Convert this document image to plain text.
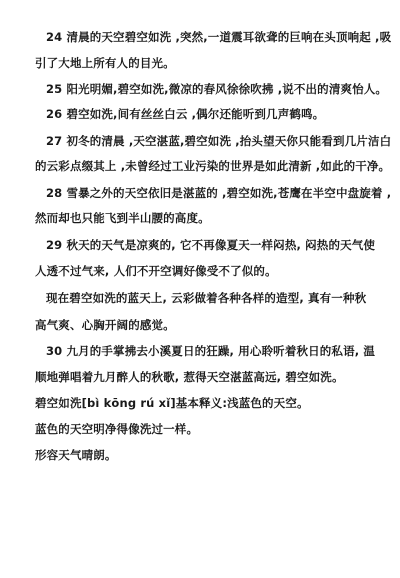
24 清晨的天空碧空如洗 ,突然,一道震耳欲聋的巨响在头顶响起 ,吸
引了大地上所有人的目光。
25 阳光明媚,碧空如洗,微凉的春风徐徐吹拂 ,说不出的清爽怡人。
26 碧空如洗,间有丝丝白云 ,偶尔还能听到几声鹤鸣。
27 初冬的清晨 ,天空湛蓝,碧空如洗 ,抬头望天你只能看到几片洁白
的云彩点缀其上 ,未曾经过工业污染的世界是如此清新 ,如此的干净。
28 雪暴之外的天空依旧是湛蓝的 ,碧空如洗,苍鹰在半空中盘旋着 ,
然而却也只能飞到半山腰的高度。
29 秋天的天气是凉爽的, 它不再像夏天一样闷热, 闷热的天气使
人透不过气来, 人们不开空调好像受不了似的。
现在碧空如洗的蓝天上, 云彩做着各种各样的造型, 真有一种秋
高气爽、心胸开阔的感觉。
30 九月的手掌拂去小溪夏日的狂躁, 用心聆听着秋日的私语, 温
顺地弹唱着九月醉人的秋歌, 惹得天空湛蓝高远, 碧空如洗。
碧空如洗[bì kōng rú xǐ]基本释义:浅蓝色的天空。
蓝色的天空明净得像洗过一样。
形容天气晴朗。
